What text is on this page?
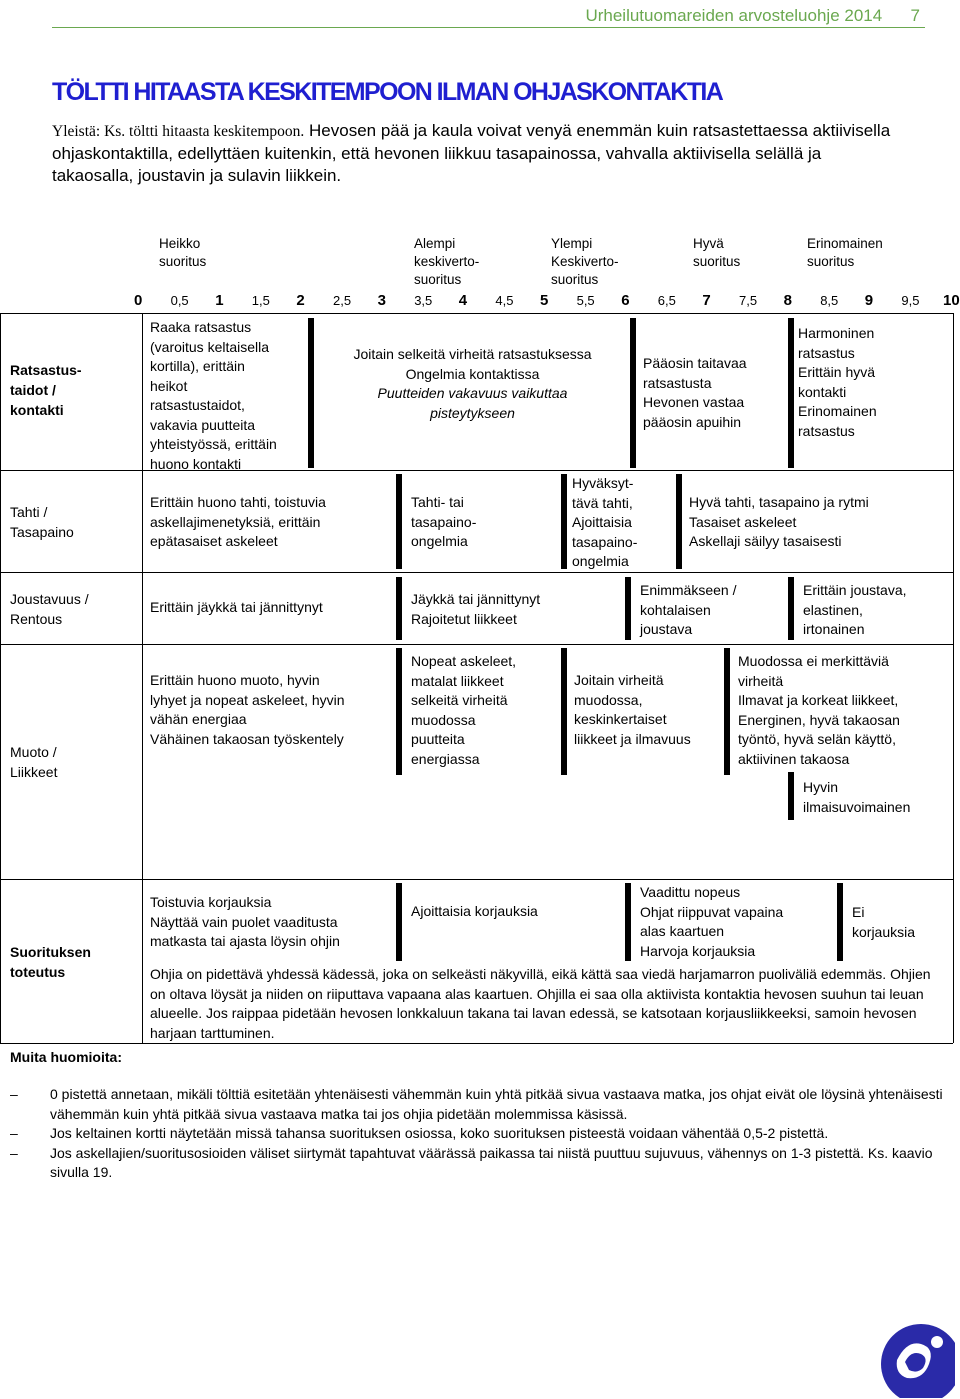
Urheilutuomareiden arvosteluohje 2014      7
TÖLTTI HITAASTA KESKITEMPOON ILMAN OHJASKONTAKTIA
Yleistä: Ks. töltti hitaasta keskitempoon. Hevosen pää ja kaula voivat venyä enemmän kuin ratsastettaessa aktiivisella ohjaskontaktilla, edellyttäen kuitenkin, että hevonen liikkuu tasapainossa, vahvalla aktiivisella selällä ja takaosalla, joustavin ja sulavin liikkein.
Heikko
suoritus
Alempi
keskiverto-
suoritus
Ylempi
Keskiverto-
suoritus
Hyvä
suoritus
Erinomainen
suoritus
0 0,5 1 1,5 2 2,5 3 3,5 4 4,5 5 5,5 6 6,5 7 7,5 8 8,5 9 9,5 10
Ratsastus-
taidot /
kontakti
Raaka ratsastus
(varoitus keltaisella
kortilla), erittäin
heikot
ratsastustaidot,
vakavia puutteita
yhteistyössä, erittäin
huono kontakti
Joitain selkeitä virheitä ratsastuksessa
Ongelmia kontaktissa
Puutteiden vakavuus vaikuttaa
pisteytykseen
Pääosin taitavaa
ratsastusta
Hevonen vastaa
pääosin apuihin
Harmoninen
ratsastus
Erittäin hyvä
kontakti
Erinomainen
ratsastus
Tahti /
Tasapaino
Erittäin huono tahti, toistuvia
askellajimenetyksiä, erittäin
epätasaiset askeleet
Tahti- tai
tasapaino-
ongelmia
Hyväksyt-
tävä tahti,
Ajoittaisia
tasapaino-
ongelmia
Hyvä tahti, tasapaino ja rytmi
Tasaiset askeleet
Askellaji säilyy tasaisesti
Joustavuus /
Rentous
Erittäin jäykkä tai jännittynyt	Jäykkä tai jännittynyt
Rajoitetut liikkeet
Enimmäkseen /
kohtalaisen
joustava
Erittäin joustava,
elastinen,
irtonainen
Muoto /
Liikkeet
Erittäin huono muoto, hyvin
lyhyet ja nopeat askeleet, hyvin
vähän energiaa
Vähäinen takaosan työskentely
Nopeat askeleet,
matalat liikkeet
selkeitä virheitä
muodossa
puutteita
energiassa
Joitain virheitä
muodossa,
keskinkertaiset
liikkeet ja ilmavuus
Muodossa ei merkittäviä
virheitä
Ilmavat ja korkeat liikkeet,
Energinen, hyvä takaosan
työntö, hyvä selän käyttö,
aktiivinen takaosa
Hyvin
ilmaisuvoimainen
Suorituksen
toteutus
Toistuvia korjauksia
Näyttää vain puolet vaaditusta
matkasta tai ajasta löysin ohjin
Ajoittaisia korjauksia
Vaadittu nopeus
Ohjat riippuvat vapaina
alas kaartuen
Harvoja korjauksia
Ei
korjauksia
Ohjia on pidettävä yhdessä kädessä, joka on selkeästi näkyvillä, eikä kättä saa viedä harjamarron puoliväliä edemmäs. Ohjien on oltava löysät ja niiden on riiputtava vapaana alas kaartuen. Ohjilla ei saa olla aktiivista kontaktia hevosen suuhun tai leuan alueelle. Jos raippaa pidetään hevosen lonkkaluun takana tai lavan edessä, se katsotaan korjausliikkeeksi, samoin hevosen harjaan tarttuminen.
Muita huomioita:
– 0 pistettä annetaan, mikäli tölttiä esitetään yhtenäisesti vähemmän kuin yhtä pitkää sivua vastaava matka, jos ohjat eivät ole löysinä yhtenäisesti vähemmän kuin yhtä pitkää sivua vastaava matka tai jos ohjia pidetään molemmissa käsissä.
– Jos keltainen kortti näytetään missä tahansa suorituksen osiossa, koko suorituksen pisteestä voidaan vähentää 0,5-2 pistettä.
– Jos askellajien/suoritusosioiden väliset siirtymät tapahtuvat väärässä paikassa tai niistä puuttuu sujuvuus, vähennys on 1-3 pistettä. Ks. kaavio sivulla 19.
